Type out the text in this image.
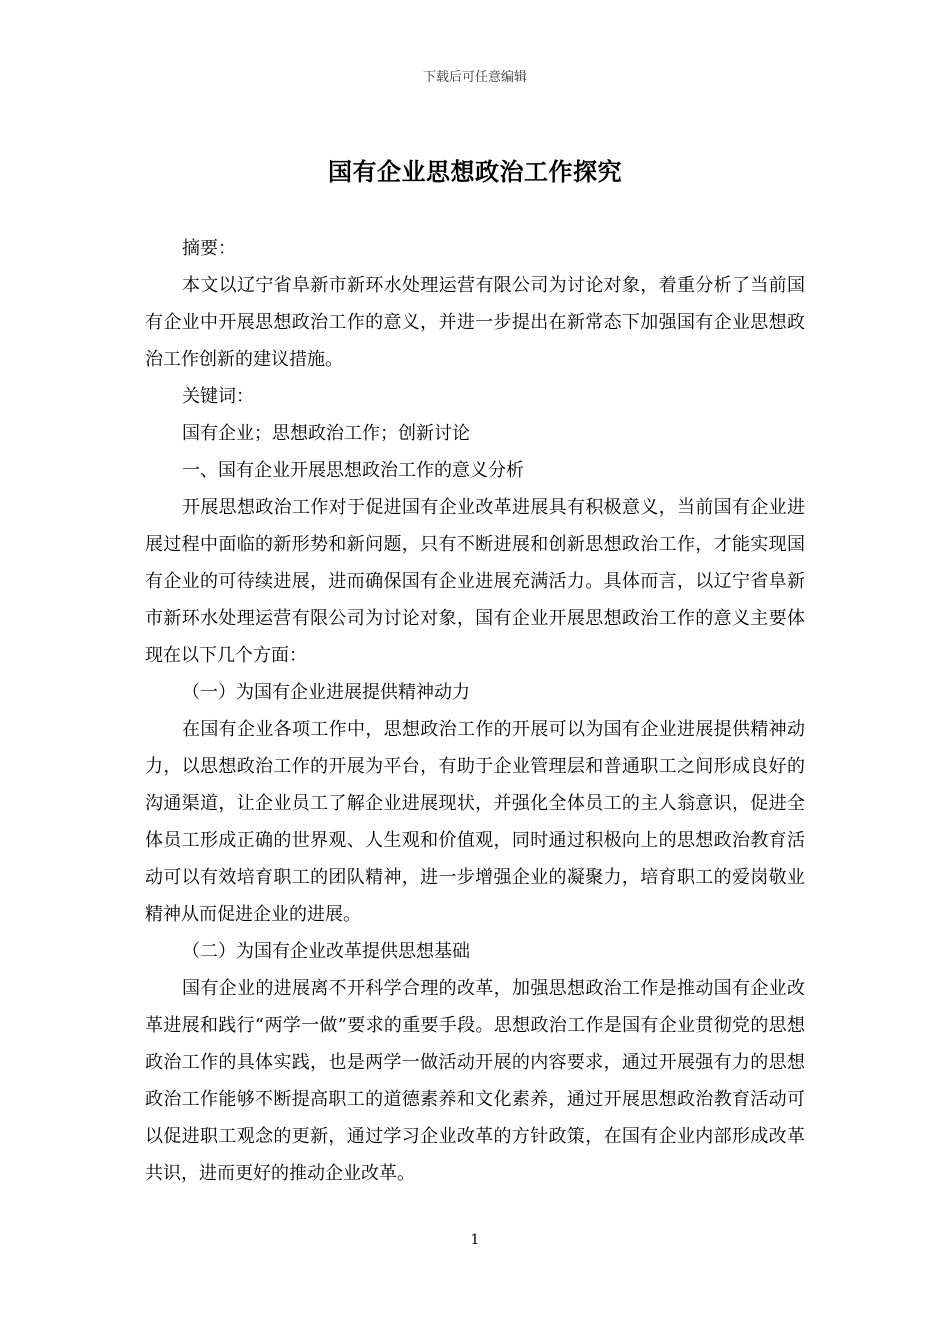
下载后可任意编辑
国有企业思想政治工作探究

摘要：

本文以辽宁省阜新市新环水处理运营有限公司为讨论对象，着重分析了当前国有企业中开展思想政治工作的意义，并进一步提出在新常态下加强国有企业思想政治工作创新的建议措施。

关键词：

国有企业；思想政治工作；创新讨论

一、国有企业开展思想政治工作的意义分析

开展思想政治工作对于促进国有企业改革进展具有积极意义，当前国有企业进展过程中面临的新形势和新问题，只有不断进展和创新思想政治工作，才能实现国有企业的可待续进展，进而确保国有企业进展充满活力。具体而言，以辽宁省阜新市新环水处理运营有限公司为讨论对象，国有企业开展思想政治工作的意义主要体现在以下几个方面：

（一）为国有企业进展提供精神动力

在国有企业各项工作中，思想政治工作的开展可以为国有企业进展提供精神动力，以思想政治工作的开展为平台，有助于企业管理层和普通职工之间形成良好的沟通渠道，让企业员工了解企业进展现状，并强化全体员工的主人翁意识，促进全体员工形成正确的世界观、人生观和价值观，同时通过积极向上的思想政治教育活动可以有效培育职工的团队精神，进一步增强企业的凝聚力，培育职工的爱岗敬业精神从而促进企业的进展。

（二）为国有企业改革提供思想基础

国有企业的进展离不开科学合理的改革，加强思想政治工作是推动国有企业改革进展和践行“两学一做”要求的重要手段。思想政治工作是国有企业贯彻党的思想政治工作的具体实践，也是两学一做活动开展的内容要求，通过开展强有力的思想政治工作能够不断提高职工的道德素养和文化素养，通过开展思想政治教育活动可以促进职工观念的更新，通过学习企业改革的方针政策，在国有企业内部形成改革共识，进而更好的推动企业改革。

1
